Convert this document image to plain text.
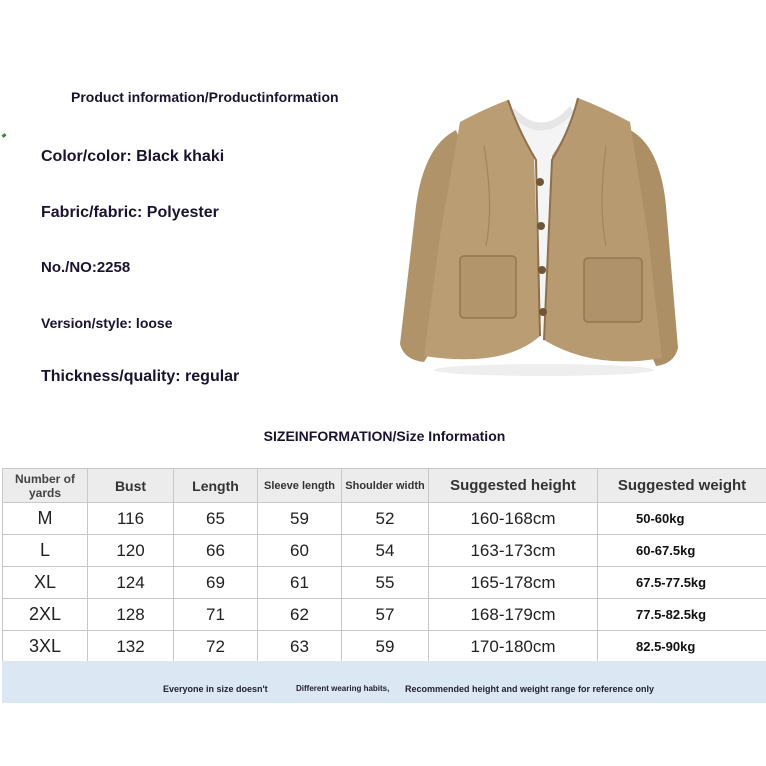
Product information/Productinformation
Color/color: Black khaki
Fabric/fabric: Polyester
No./NO:2258
Version/style: loose
Thickness/quality: regular
SIZEINFORMATION/Size Information
Number of yards	Bust	Length	Sleeve length	Shoulder width	Suggested height	Suggested weight
M	116	65	59	52	160-168cm	50-60kg
L	120	66	60	54	163-173cm	60-67.5kg
XL	124	69	61	55	165-178cm	67.5-77.5kg
2XL	128	71	62	57	168-179cm	77.5-82.5kg
3XL	132	72	63	59	170-180cm	82.5-90kg
Everyone in size doesn't	Different wearing habits, Recommended height and weight range for reference only
